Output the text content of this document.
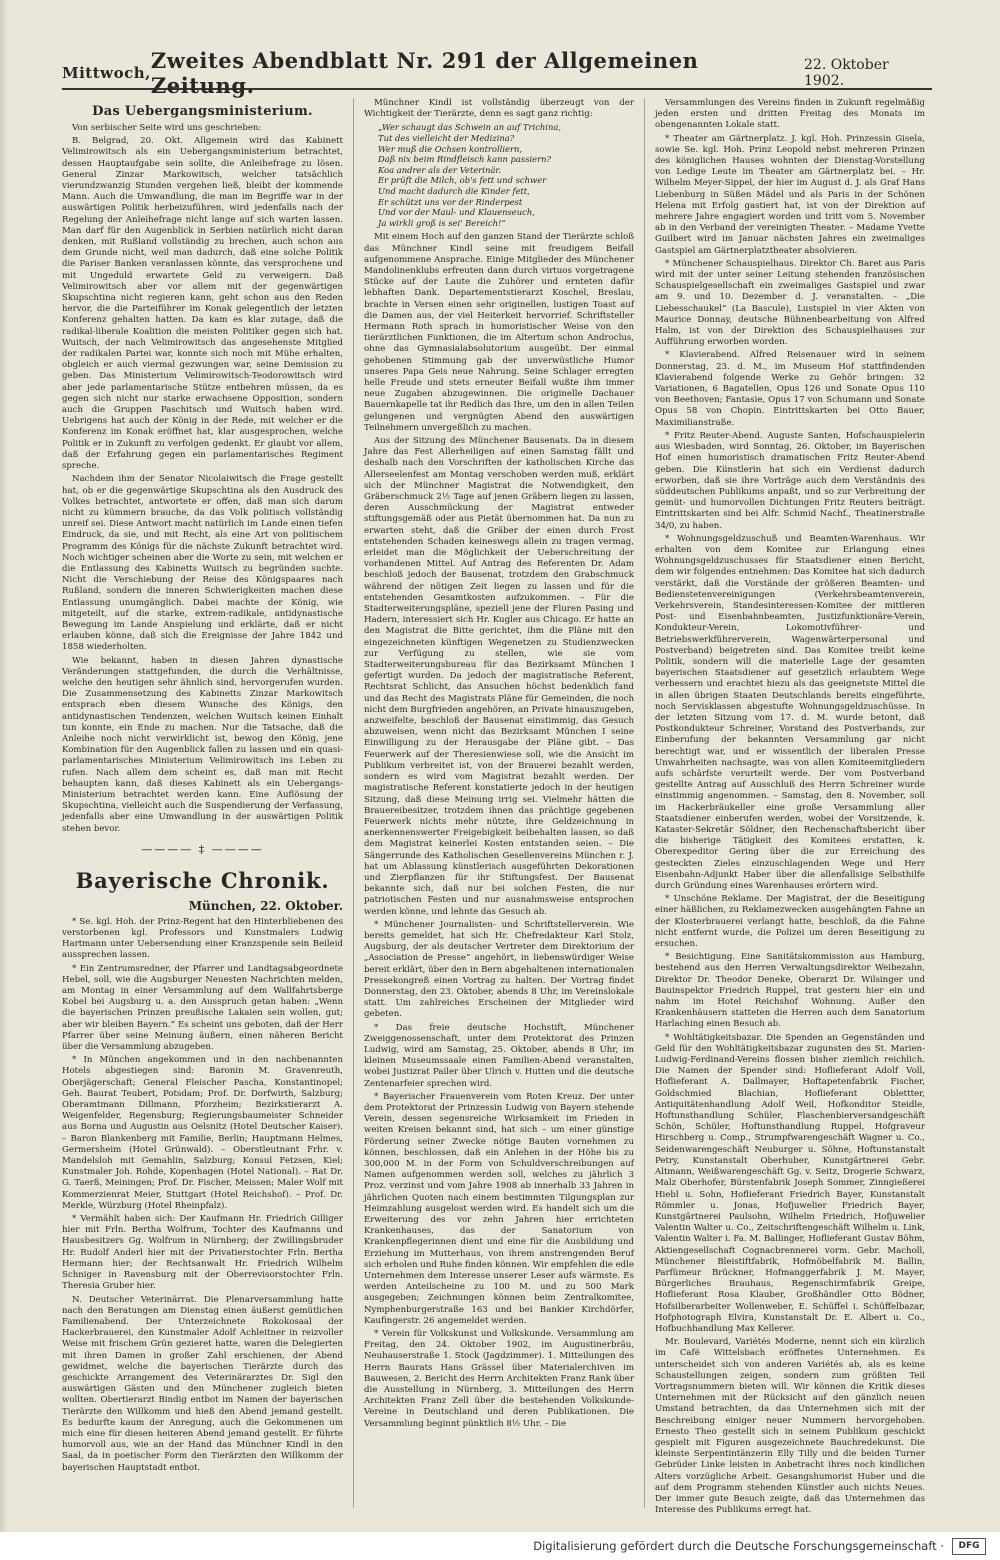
Mittwoch, Zweites Abendblatt Nr. 291 der Allgemeinen Zeitung.
22. Oktober 1902.
Das Uebergangsministerium.
Von serbischer Seite wird uns geschrieben:
B. Belgrad, 20. Okt. Allgemein wird das Kabinett Velimirowitsch als ein Uebergangsministerium betrachtet, dessen Hauptaufgabe sein sollte, die Anleihefrage zu lösen. General Zinzar Markowitsch, welcher tatsächlich vierundzwanzig Stunden vergehen ließ, bleibt der kommende Mann. Auch die Umwandlung, die man im Begriffe war in der auswärtigen Politik herbeizuführen, wird jedenfalls nach der Regelung der Anleihefrage nicht lange auf sich warten lassen. Man darf für den Augenblick in Serbien natürlich nicht daran denken, mit Rußland vollständig zu brechen, auch schon aus dem Grunde nicht, weil man dadurch, daß eine solche Politik die Pariser Banken veranlassen könnte, das versprochene und mit Ungeduld erwartete Geld zu verweigern. Daß Velimirowitsch aber vor allem mit der gegenwärtigen Skupschtina nicht regieren kann, geht schon aus den Reden hervor, die die Parteiführer im Konak gelegentlich der letzten Konferenz gehalten hatten. Da kam es klar zutage, daß die radikal-liberale Koalition die meisten Politiker gegen sich hat. Wuitsch, der nach Velimirowitsch das angesehenste Mitglied der radikalen Partei war, konnte sich noch mit Mühe erhalten, obgleich er auch viermal gezwungen war, seine Demission zu geben. Das Ministerium Velimirowitsch-Teodorowitsch wird aber jede parlamentarische Stütze entbehren müssen, da es gegen sich nicht nur starke erwachsene Opposition, sondern auch die Gruppen Paschitsch und Wuitsch haben wird. Uebrigens hat auch der König in der Rede, mit welcher er die Konferenz im Konak eröffnet hat, klar ausgesprochen, welche Politik er in Zukunft zu verfolgen gedenkt. Er glaubt vor allem, daß der Erfahrung gegen ein parlamentarisches Regiment spreche.
Nachdem ihm der Senator Nicolaiwitsch die Frage gestellt hat, ob er die gegenwärtige Skupschtina als den Ausdruck des Volkes betrachtet, antwortete er offen, daß man sich darum nicht zu kümmern brauche, da das Volk politisch vollständig unreif sei. Diese Antwort macht natürlich im Lande einen tiefen Eindruck, da sie, und mit Recht, als eine Art von politischem Programm des Königs für die nächste Zukunft betrachtet wird. Noch wichtiger scheinen aber die Worte zu sein, mit welchen er die Entlassung des Kabinetts Wuitsch zu begründen suchte. Nicht die Verschiebung der Reise des Königspaares nach Rußland, sondern die inneren Schwierigkeiten machen diese Entlassung unumgänglich. Dabei machte der König, wie mitgeteilt, auf die starke, extrem-radikale, antidynastische Bewegung im Lande Anspielung und erklärte, daß er nicht erlauben könne, daß sich die Ereignisse der Jahre 1842 und 1858 wiederholten.
Wie bekannt, haben in diesen Jahren dynastische Veränderungen stattgefunden, die durch die Verhältnisse, welche den heutigen sehr ähnlich sind, hervorgerufen wurden. Die Zusammensetzung des Kabinetts Zinzar Markowitsch entsprach eben diesem Wunsche des Königs, den antidynastischen Tendenzen, welchen Wuitsch keinen Einhalt tun konnte, ein Ende zu machen. Nur die Tatsache, daß die Anleihe noch nicht verwirklicht ist, bewog den König, jene Kombination für den Augenblick fallen zu lassen und ein quasi-parlamentarisches Ministerium Velimirowitsch ins Leben zu rufen. Nach allem dem scheint es, daß man mit Recht behaupten kann, daß dieses Kabinett als ein Uebergangs-Ministerium betrachtet werden kann. Eine Auflösung der Skupschtina, vielleicht auch die Suspendierung der Verfassung, jedenfalls aber eine Umwandlung in der auswärtigen Politik stehen bevor.
———— ‡ ————
Bayerische Chronik.
München, 22. Oktober.
* Se. kgl. Hoh. der Prinz-Regent hat den Hinterbliebenen des verstorbenen kgl. Professors und Kunstmalers Ludwig Hartmann unter Uebersendung einer Kranzspende sein Beileid aussprechen lassen.
* Ein Zentrumsredner, der Pfarrer und Landtagsabgeordnete Hebel, soll, wie die Augsburger Neuesten Nachrichten melden, am Montag in einer Versammlung auf dem Wallfahrtsberge Kobel bei Augsburg u. a. den Ausspruch getan haben: „Wenn die bayerischen Prinzen preußische Lakaien sein wollen, gut; aber wir bleiben Bayern.“ Es scheint uns geboten, daß der Herr Pfarrer über seine Meinung äußern, einen näheren Bericht über die Versammlung abzugeben.
* In München angekommen und in den nachbenannten Hotels abgestiegen sind: Baronin M. Gravenreuth, Oberjägerschaft; General Fleischer Pascha, Konstantinopel; Geh. Baurat Teubert, Potsdam; Prof. Dr. Dorfwirth, Salzburg; Oberamtmann Dillmann, Pforzheim; Bezirkstierarzt A. Weigenfelder, Regensburg; Regierungsbaumeister Schneider aus Borna und Augustin aus Oelsnitz (Hotel Deutscher Kaiser). – Baron Blankenberg mit Familie, Berlin; Hauptmann Helmes, Germersheim (Hotel Grünwald). – Oberstleutnant Frhr. v. Mandelsloh mit Gemahlin, Salzburg; Konsul Fetzsen, Kiel; Kunstmaler Joh. Rohde, Kopenhagen (Hotel National). – Rat Dr. G. Taerß, Meiningen; Prof. Dr. Fischer, Meissen; Maler Wolf mit Kommerzienrat Meier, Stuttgart (Hotel Reichshof). – Prof. Dr. Merkle, Würzburg (Hotel Rheinpfalz).
* Vermählt haben sich: Der Kaufmann Hr. Friedrich Gilliger hier mit Frln. Bertha Wolfrum, Tochter des Kaufmanns und Hausbesitzers Gg. Wolfrum in Nürnberg; der Zwillingsbruder Hr. Rudolf Anderl hier mit der Privatierstochter Frln. Bertha Hermann hier; der Rechtsanwalt Hr. Friedrich Wilhelm Schniger in Ravensburg mit der Oberrevisorstochter Frln. Theresia Gruber hier.
N. Deutscher Veterinärrat. Die Plenarversammlung hatte nach den Beratungen am Dienstag einen äußerst gemütlichen Familienabend. Der Unterzeichnete Rokokosaal der Hackerbrauerei, den Kunstmaler Adolf Achleitner in reizvoller Weise mit frischem Grün gezieret hatte, waren die Delegierten mit ihren Damen in großer Zahl erschienen, der Abend gewidmet, welche die bayerischen Tierärzte durch das geschickte Arrangement des Veterinärarztes Dr. Sigl den auswärtigen Gästen und den Münchener zugleich bieten wollten. Obertierarzt Bindig entbot im Namen der bayerischen Tierärzte den Willkomm und hieß den Abend jemand gestellt. Es bedurfte kaum der Anregung, auch die Gekommenen um mich eine für diesen heiteren Abend jemand gestellt. Er führte humorvoll aus, wie an der Hand das Münchner Kindl in den Saal, da in poetischer Form den Tierärzten den Willkomm der bayerischen Hauptstadt entbot.
Münchner Kindl ist vollständig überzeugt von der Wichtigkeit der Tierärzte, denn es sagt ganz richtig:
„Wer schaugt das Schwein an auf Trichina,
Tut des vielleicht der Medizina?
Wer muß die Ochsen kontrolliern,
Daß nix beim Rindfleisch kann passiern?
Koa andrer als der Veterinär.
Er prüft die Milch, ob's fett und schwer
Und macht dadurch die Kinder fett,
Er schützt uns vor der Rinderpest
Und vor der Maul- und Klauenseuch,
Ja wirkli groß is sei' Bereich!“
Mit einem Hoch auf den ganzen Stand der Tierärzte schloß das Münchner Kindl seine mit freudigem Beifall aufgenommene Ansprache. Einige Mitglieder des Münchener Mandolinenklubs erfreuten dann durch virtuos vorgetragene Stücke auf der Laute die Zuhörer und ernteten dafür lebhaften Dank. Departementstierarzt Koschel, Breslau, brachte in Versen einen sehr originellen, lustigen Toast auf die Damen aus, der viel Heiterkeit hervorrief. Schriftsteller Hermann Roth sprach in humoristischer Weise von den tierärztlichen Funktionen, die im Altertum schon Androclus, ohne das Gymnasialabsolutorium ausgeübt. Der einmal gehobenen Stimmung gab der unverwüstliche Humor unseres Papa Geis neue Nahrung. Seine Schlager erregten helle Freude und stets erneuter Beifall wußte ihm immer neue Zugaben abzugewinnen. Die originelle Dachauer Bauernkapelle tat ihr Redlich das Ihre, um den in allen Teilen gelungenen und vergnügten Abend den auswärtigen Teilnehmern unvergeßlich zu machen.
Aus der Sitzung des Münchener Bausenats. Da in diesem Jahre das Fest Allerheiligen auf einen Samstag fällt und deshalb nach den Vorschriften der katholischen Kirche das Allerseelenfest am Montag verschoben werden muß, erklärt sich der Münchner Magistrat die Notwendigkeit, den Gräberschmuck 2½ Tage auf jenen Gräbern liegen zu lassen, deren Ausschmückung der Magistrat entweder stiftungsgemäß oder aus Pietät übernommen hat. Da nun zu erwarten steht, daß die Gräber der einen durch Frost entstehenden Schaden keineswegs allein zu tragen vermag, erleidet man die Möglichkeit der Ueberschreitung der vorhandenen Mittel. Auf Antrag des Referenten Dr. Adam beschloß jedoch der Bausenat, trotzdem den Grabschmuck während der nötigen Zeit liegen zu lassen und für die entstehenden Gesamtkosten aufzukommen. – Für die Stadterweiterungspläne, speziell jene der Fluren Pasing und Hadern, interessiert sich Hr. Kugler aus Chicago. Er hatte an den Magistrat die Bitte gerichtet, ihm die Pläne mit den eingezeichneten künftigen Wegenetzen zu Studienzwecken zur Verfügung zu stellen, wie sie vom Stadterweiterungsbureau für das Bezirksamt München I gefertigt wurden. Da jedoch der magistratische Referent, Rechtsrat Schlicht, das Ansuchen höchst bedenklich fand und das Recht des Magistrats Pläne für Gemeinden, die noch nicht dem Burgfrieden angehören, an Private hinauszugeben, anzweifelte, beschloß der Bausenat einstimmig, das Gesuch abzuweisen, wenn nicht das Bezirksamt München I seine Einwilligung zu der Herausgabe der Pläne gibt. – Das Feuerwerk auf der Theresienwiese soll, wie die Ansicht im Publikum verbreitet ist, von der Brauerei bezahlt werden, sondern es wird vom Magistrat bezahlt werden. Der magistratische Referent konstatierte jedoch in der heutigen Sitzung, daß diese Meinung irrig sei. Vielmehr hätten die Brauereibesitzer, trotzdem ihnen das prächtige gegebenen Feuerwerk nichts mehr nützte, ihre Geldzeichnung in anerkennenswerter Freigebigkeit beibehalten lassen, so daß dem Magistrat keinerlei Kosten entstanden seien. – Die Sängerrunde des Katholischen Gesellenvereins München r. J. hat um Ablassung künstlerisch ausgeführten Dekorationen und Zierpflanzen für ihr Stiftungsfest. Der Bausenat bekannte sich, daß nur bei solchen Festen, die nur patriotischen Festen und nur ausnahmsweise entsprochen werden könne, und lehnte das Gesuch ab.
* Münchener Journalisten- und Schriftstellerverein. Wie bereits gemeldet, hat sich Hr. Chefredakteur Karl Stolz, Augsburg, der als deutscher Vertreter dem Direktorium der „Association de Presse“ angehört, in liebenswürdiger Weise bereit erklärt, über den in Bern abgehaltenen internationalen Pressekongreß einen Vortrag zu halten. Der Vortrag findet Donnerstag, den 23. Oktober, abends 8 Uhr, im Vereinslokale statt. Um zahlreiches Erscheinen der Mitglieder wird gebeten.
* Das freie deutsche Hochstift, Münchener Zweiggenossenschaft, unter dem Protektorat des Prinzen Ludwig, wird am Samstag, 25. Oktober, abends 8 Uhr, im kleinen Museumssaale einen Familien-Abend veranstalten, wobei Justizrat Pailer über Ulrich v. Hutten und die deutsche Zentenarfeier sprechen wird.
* Bayerischer Frauenverein vom Roten Kreuz. Der unter dem Protektorat der Prinzessin Ludwig von Bayern stehende Verein, dessen segensreiche Wirksamkeit im Frieden in weiten Kreisen bekannt sind, hat sich – um einer günstige Förderung seiner Zwecke nötige Bauten vornehmen zu können, beschlossen, daß ein Anlehen in der Höhe bis zu 300,000 M. in der Form von Schuldverschreibungen auf Namen aufgenommen werden soll, welches zu jährlich 3 Proz. verzinst und vom Jahre 1908 ab innerhalb 33 Jahren in jährlichen Quoten nach einem bestimmten Tilgungsplan zur Heimzahlung ausgelost werden wird. Es handelt sich um die Erweiterung des vor zehn Jahren hier errichteten Krankenhauses, das der Sanatorium von Krankenpflegerinnen dient und eine für die Ausbildung und Erziehung im Mutterhaus, von ihrem anstrengenden Beruf sich erholen und Ruhe finden können. Wir empfehlen die edle Unternehmen dem Interesse unserer Leser aufs wärmste. Es werden Anteilscheine zu 100 M. und zu 500 Mark ausgegeben; Zeichnungen können beim Zentralkomitee, Nymphenburgerstraße 163 und bei Bankier Kirchdörfer, Kaufingerstr. 26 angemeldet werden.
* Verein für Volkskunst und Volkskunde. Versammlung am Freitag, den 24. Oktober 1902, im Augustinerbräu, Neuhauserstraße 1. Stock (Jagdzimmer). 1. Mitteilungen des Herrn Baurats Hans Grässel über Materialerchiven im Bauwesen, 2. Bericht des Herrn Architekten Franz Rank über die Ausstellung in Nürnberg, 3. Mitteilungen des Herrn Architekten Franz Zell über die bestehenden Volkskunde-Vereine in Deutschland und deren Publikationen. Die Versammlung beginnt pünktlich 8½ Uhr. – Die
Versammlungen des Vereins finden in Zukunft regelmäßig jeden ersten und dritten Freitag des Monats im obengenannten Lokale statt.
* Theater am Gärtnerplatz. J. kgl. Hoh. Prinzessin Gisela, sowie Se. kgl. Hoh. Prinz Leopold nebst mehreren Prinzen des königlichen Hauses wohnten der Dienstag-Vorstellung von Ledige Leute im Theater am Gärtnerplatz bei. – Hr. Wilhelm Meyer-Sippel, der hier im August d. J. als Graf Hans Liebenburg in Süßen Mädel und als Paris in der Schönen Helena mit Erfolg gastiert hat, ist von der Direktion auf mehrere Jahre engagiert worden und tritt vom 5. November ab in den Verband der vereinigten Theater. – Madame Yvette Guilbert wird im Januar nächsten Jahres ein zweimaliges Gastspiel am Gärtnerplatztheater absolvieren.
* Münchener Schauspielhaus. Direktor Ch. Baret aus Paris wird mit der unter seiner Leitung stehenden französischen Schauspielgesellschaft ein zweimaliges Gastspiel und zwar am 9. und 10. Dezember d. J. veranstalten. – „Die Liebesschaukel“ (La Bascule), Lustspiel in vier Akten von Maurice Donnay, deutsche Bühnenbearbeitung von Alfred Halm, ist von der Direktion des Schauspielhauses zur Aufführung erworben worden.
* Klavierabend. Alfred Reisenauer wird in seinem Donnerstag, 23. d. M., im Museum Hof stattfindenden Klavierabend folgende Werke zu Gehör bringen: 32 Variationen, 6 Bagatellen, Opus 126 und Sonate Opus 110 von Beethoven; Fantasie, Opus 17 von Schumann und Sonate Opus 58 von Chopin. Eintrittskarten bei Otto Bauer, Maximilianstraße.
* Fritz Reuter-Abend. Auguste Santen, Hofschauspielerin aus Wiesbaden, wird Sonntag, 26. Oktober, im Bayerischen Hof einen humoristisch dramatischen Fritz Reuter-Abend geben. Die Künstlerin hat sich ein Verdienst dadurch erworben, daß sie ihre Vorträge auch dem Verständnis des süddeutschen Publikums anpaßt, und so zur Verbreitung der gemüt- und humorvollen Dichtungen Fritz Reuters beiträgt. Eintrittskarten sind bei Alfr. Schmid Nachf., Theatinerstraße 34/0, zu haben.
* Wohnungsgeldzuschuß und Beamten-Warenhaus. Wir erhalten von dem Komitee zur Erlangung eines Wohnungsgeldzuschusses für Staatsdiener einen Bericht, dem wir folgendes entnehmen: Das Komitee hat sich dadurch verstärkt, daß die Vorstände der größeren Beamten- und Bedienstetenvereinigungen (Verkehrsbeamtenverein, Verkehrsverein, Standesinteressen-Komitee der mittleren Post- und Eisenbahnbeamten, Justizfunktionäre-Verein, Kondukteur-Verein, Lokomotivführer- und Betriebswerkführerverein, Wagenwärterpersonal und Postverband) beigetreten sind. Das Komitee treibt keine Politik, sondern will die materielle Lage der gesamten bayerischen Staatsdiener auf gesetzlich erlaubtem Wege verbessern und erachtet hiezu als das geeignetste Mittel die in allen übrigen Staaten Deutschlands bereits eingeführte, noch Servisklassen abgestufte Wohnungsgeldzuschüsse. In der letzten Sitzung vom 17. d. M. wurde betont, daß Postkondukteur Schreiner, Vorstand des Postverbands, zur Einberufung der bekannten Versammlung gar nicht berechtigt war, und er wissentlich der liberalen Presse Unwahrheiten nachsagte, was von allen Komiteemitgliedern aufs schärfste verurteilt werde. Der vom Postverband gestellte Antrag auf Ausschluß des Herrn Schreiner wurde einstimmig angenommen. – Samstag, den 8. November, soll im Hackerbräukeller eine große Versammlung aller Staatsdiener einberufen werden, wobei der Vorsitzende, k. Kataster-Sekretär Söldner, den Rechenschaftsbericht über die bisherige Tätigkeit des Komitees erstatten, k. Oberexpeditor Gering über die zur Erreichung des gesteckten Zieles einzuschlagenden Wege und Herr Eisenbahn-Adjunkt Haber über die allenfallsige Selbsthilfe durch Gründung eines Warenhauses erörtern wird.
* Unschöne Reklame. Der Magistrat, der die Beseitigung einer häßlichen, zu Reklamezwecken ausgehängten Fahne an der Klosterbrauerei verlangt hatte, beschloß, da die Fahne nicht entfernt wurde, die Polizei um deren Beseitigung zu ersuchen.
* Besichtigung. Eine Sanitätskommission aus Hamburg, bestehend aus den Herren Verwaltungsdirektor Weibezahn, Direktor Dr. Theodor Deneke, Oberarzt Dr. Wilsinger und Bauinspektor Friedrich Ruppel, trat gestern hier ein und nahm im Hotel Reichshof Wohnung. Außer den Krankenhäusern statteten die Herren auch dem Sanatorium Harlaching einen Besuch ab.
* Wohltätigkeitsbazar. Die Spenden an Gegenständen und Geld für den Wohltätigkeitsbazar zugunsten des St. Marien-Ludwig-Ferdinand-Vereins flossen bisher ziemlich reichlich. Die Namen der Spender sind: Hoflieferant Adolf Voll, Hoflieferant A. Dallmayer, Hoftapetenfabrik Fischer, Goldschmied Blachian, Hoflieferant Oblettter, Antiquitätenhandlung Adolf Weil, Hofkonditor Steidle, Hoftunsthandlung Schüler, Flaschenbierversandgeschäft Schön, Schüler, Hoftunsthandlung Ruppel, Hofgraveur Hirschberg u. Comp., Strumpfwarengeschäft Wagner u. Co., Seidenwarengeschäft Neuburger u. Söhne, Hoftunstanstalt Petry, Kunstanstalt Oberhuber, Kunstgärtnerei Gebr. Altmann, Weißwarengeschäft Gg. v. Seitz, Drogerie Schwarz, Malz Oberhofer, Bürstenfabrik Joseph Sommer, Zinngießerei Hiebl u. Sohn, Hoflieferant Friedrich Bayer, Kunstanstalt Römmler u. Jonas, Hofjuwelier Friedrich Bayer, Kunstgärtnerei Paulsohn, Wilhelm Friedrich, Hofjuwelier Valentin Walter u. Co., Zeitschriftengeschäft Wilhelm u. Link, Valentin Walter i. Fa. M. Ballinger, Hoflieferant Gustav Böhm, Aktiengesellschaft Cognacbrennerei vorm. Gebr. Macholl, Münchener Bleistiftfabrik, Hofmöbelfabrik M. Ballin, Parfümeur Brückner, Hofmanggerfabrik J. M. Mayer, Bürgerliches Brauhaus, Regenschirmfabrik Greipe, Hoflieferant Rosa Klauber, Großhändler Otto Bödner, Hofsilberarbeiter Wollenweber, E. Schüffel i. Schüffelbazar, Hofphotograph Elvira, Kunstanstalt Dr. E. Albert u. Co., Hofbuchhandlung Max Kellerer.
Mr. Boulevard, Variétés Moderne, nennt sich ein kürzlich im Café Wittelsbach eröffnetes Unternehmen. Es unterscheidet sich von anderen Variétés ab, als es keine Schaustellungen zeigen, sondern zum größten Teil Vortragsnummern bieten will. Wir können die Kritik dieses Unternehmen mit der Rücksicht auf den gänzlich neuen Umstand betrachten, da das Unternehmen sich mit der Beschreibung einiger neuer Nummern hervorgehoben. Ernesto Theo gestellt sich in seinem Publikum geschickt gespielt mit Figuren ausgezeichnete Bauchredekunst. Die kleinste Serpentintänzerin Elly Tilly und die beiden Turner Gebrüder Linke leisten in Anbetracht ihres noch kindlichen Alters vorzügliche Arbeit. Gesangshumorist Huber und die auf dem Programm stehenden Künstler auch nichts Neues. Der immer gute Besuch zeigte, daß das Unternehmen das Interesse des Publikums erregt hat.
Digitalisierung gefördert durch die Deutsche Forschungsgemeinschaft ·	DFG
